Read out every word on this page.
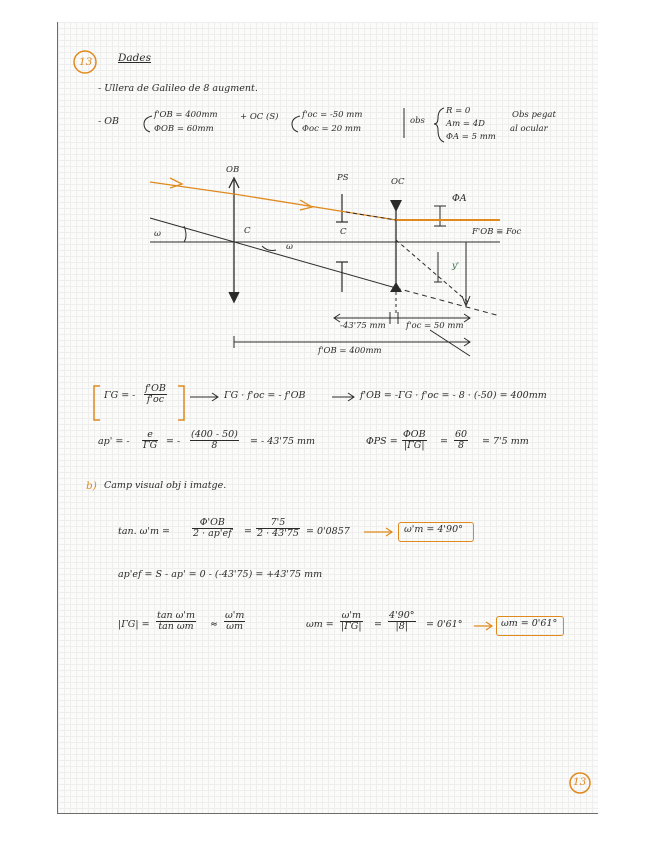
13 Dades
- Ullera de Galileo de 8 augment.
- OB
f'OB = 400mm
ΦOB = 60mm
+ OC (S)	f'oc = -50 mm
Φoc = 20 mm
obs
R = 0
Am = 4D
ΦA = 5 mm
Obs pegat
al ocular
OB
PS	OC
ΦA
ω	C
ω
C
y'
F'OB ≡ Foc
-43'75 mm f'oc = 50 mm
f'OB = 400mm
ΓG = - $\frac{f'OB}{f'oc}$	ΓG · f'oc = - f'OB	f'OB = -ΓG · f'oc = - 8 · (-50) = 400mm
ap' = - $\frac{e}{\Gamma G}$ = - $\frac{(400 - 50)}{8}$ = - 43'75 mm	ΦPS =
ΦOB
$|\Gamma G| = \frac{60}{8} = 7'5$ mm
b) Camp visual obj i imatge.
tan. $\omega'm = \frac{\Phi'OB}{2 \cdot ap'ef} = \frac{7'5}{2 \cdot 43'75} = 0'0857$	ω'm = 4'90°
ap'ef = S - ap' = 0 - (-43'75) = +43'75 mm
$|\Gamma G| = \frac{\text{tan ω'm}}{\text{tan ωm}} \approx \frac{\omega'm}{\omega m}$	$\omega m = \frac{\omega'm}{|\Gamma G|} = \frac{4'90^\circ}{|8|} = 0'61^\circ$	ωm = 0'61°
13
